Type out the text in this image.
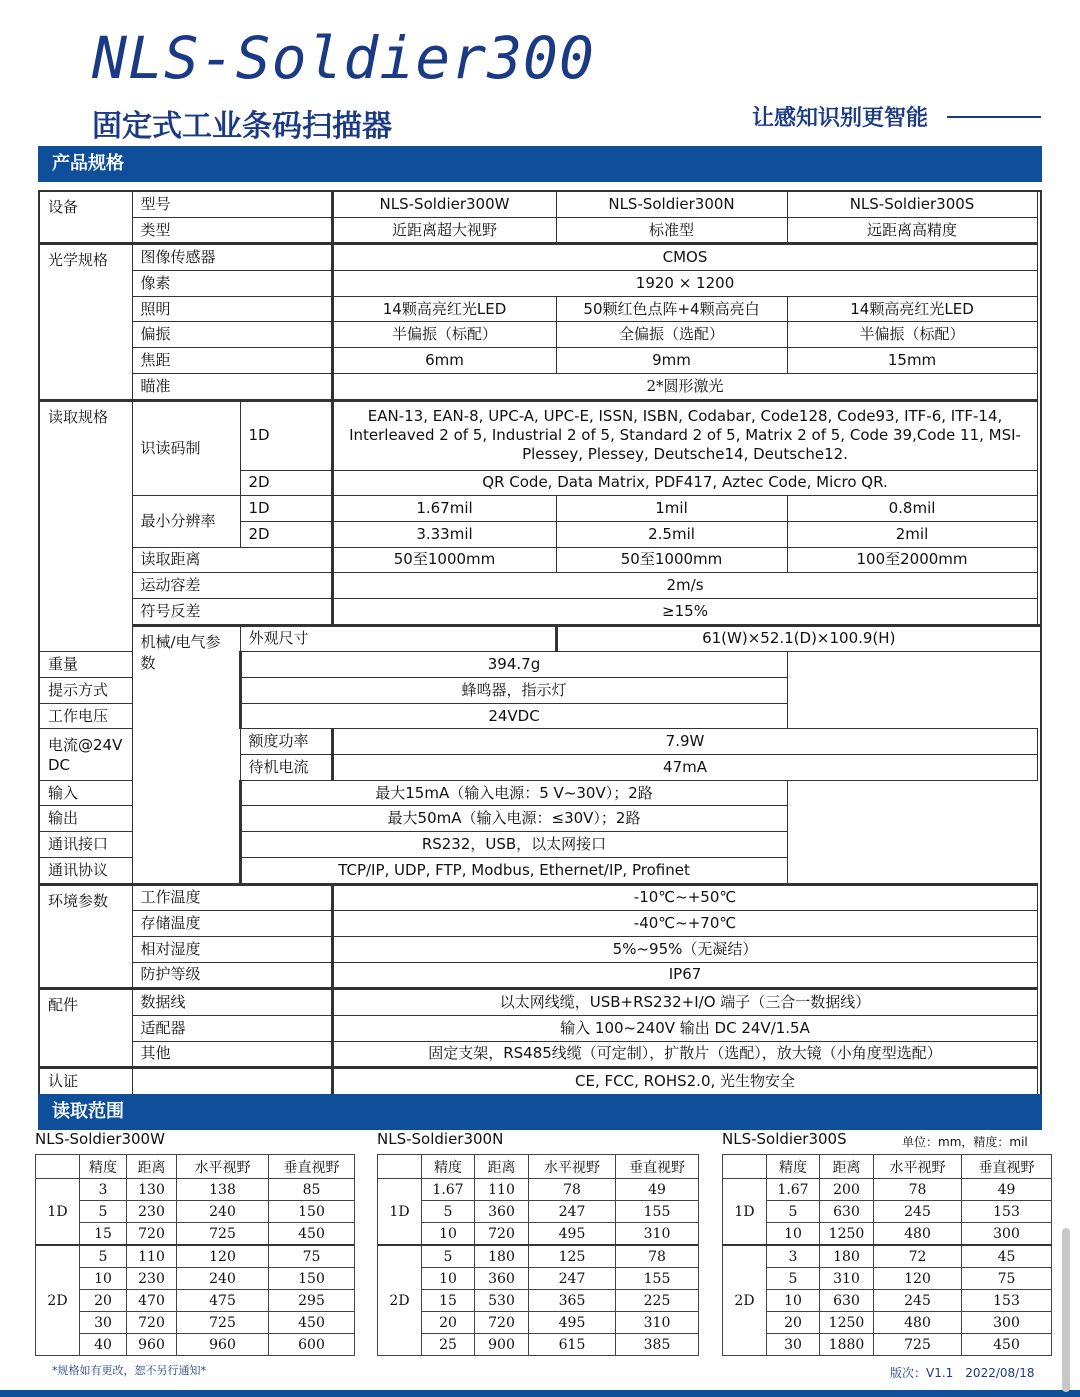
NLS-Soldier300
固定式工业条码扫描器	让感知识别更智能
产品规格
设备	型号		NLS-Soldier300W	NLS-Soldier300N	NLS-Soldier300S
	类型		近距离超大视野	标准型	远距离高精度
光学规格	图像传感器		CMOS		
	像素		1920 × 1200		
	照明		14颗高亮红光LED	50颗红色点阵+4颗高亮白	14颗高亮红光LED
	偏振		半偏振（标配）	全偏振（选配）	半偏振（标配）
	焦距		6mm	9mm	15mm
	瞄准		2*圆形激光		
读取规格	识读码制	1D	EAN-13, EAN-8, UPC-A, UPC-E, ISSN, ISBN, Codabar, Code128, Code93, ITF-6, ITF-14, Interleaved 2 of 5, Industrial 2 of 5, Standard 2 of 5, Matrix 2 of 5, Code 39,Code 11, MSI-Plessey, Plessey, Deutsche14, Deutsche12.		
		2D	QR Code, Data Matrix, PDF417, Aztec Code, Micro QR.		
	最小分辨率	1D	1.67mil	1mil	0.8mil
		2D	3.33mil	2.5mil	2mil
	读取距离		50至1000mm	50至1000mm	100至2000mm
	运动容差		2m/s		
	符号反差		≥15%		
	机械/电气参数	外观尺寸		61(W)×52.1(D)×100.9(H)	
重量		394.7g			
提示方式		蜂鸣器，指示灯			
工作电压		24VDC			
电流@24V DC		额度功率	7.9W		
		待机电流	47mA		
输入		最大15mA（输入电源：5 V~30V）；2路			
输出		最大50mA（输入电源：≤30V）；2路			
通讯接口		RS232，USB，以太网接口			
通讯协议		TCP/IP, UDP, FTP, Modbus, Ethernet/IP, Profinet			
环境参数	工作温度		-10℃~+50℃		
	存储温度		-40℃~+70℃		
	相对湿度		5%~95%（无凝结）		
	防护等级		IP67		
配件	数据线		以太网线缆，USB+RS232+I/O 端子（三合一数据线）		
	适配器		输入 100~240V 输出 DC 24V/1.5A		
	其他		固定支架，RS485线缆（可定制），扩散片（选配），放大镜（小角度型选配）		
认证			CE, FCC, ROHS2.0, 光生物安全		
读取范围
NLS-Soldier300W	NLS-Soldier300N	NLS-Soldier300S	单位：mm，精度：mil
	精度	距离	水平视野	垂直视野
1D	3	130	138	85
	5	230	240	150
	15	720	725	450
2D	5	110	120	75
	10	230	240	150
	20	470	475	295
	30	720	725	450
	40	960	960	600
	精度	距离	水平视野	垂直视野
1D	1.67	110	78	49
	5	360	247	155
	10	720	495	310
2D	5	180	125	78
	10	360	247	155
	15	530	365	225
	20	720	495	310
	25	900	615	385
	精度	距离	水平视野	垂直视野
1D	1.67	200	78	49
	5	630	245	153
	10	1250	480	300
2D	3	180	72	45
	5	310	120	75
	10	630	245	153
	20	1250	480	300
	30	1880	725	450
*规格如有更改，恕不另行通知*	版次：V1.1　2022/08/18
